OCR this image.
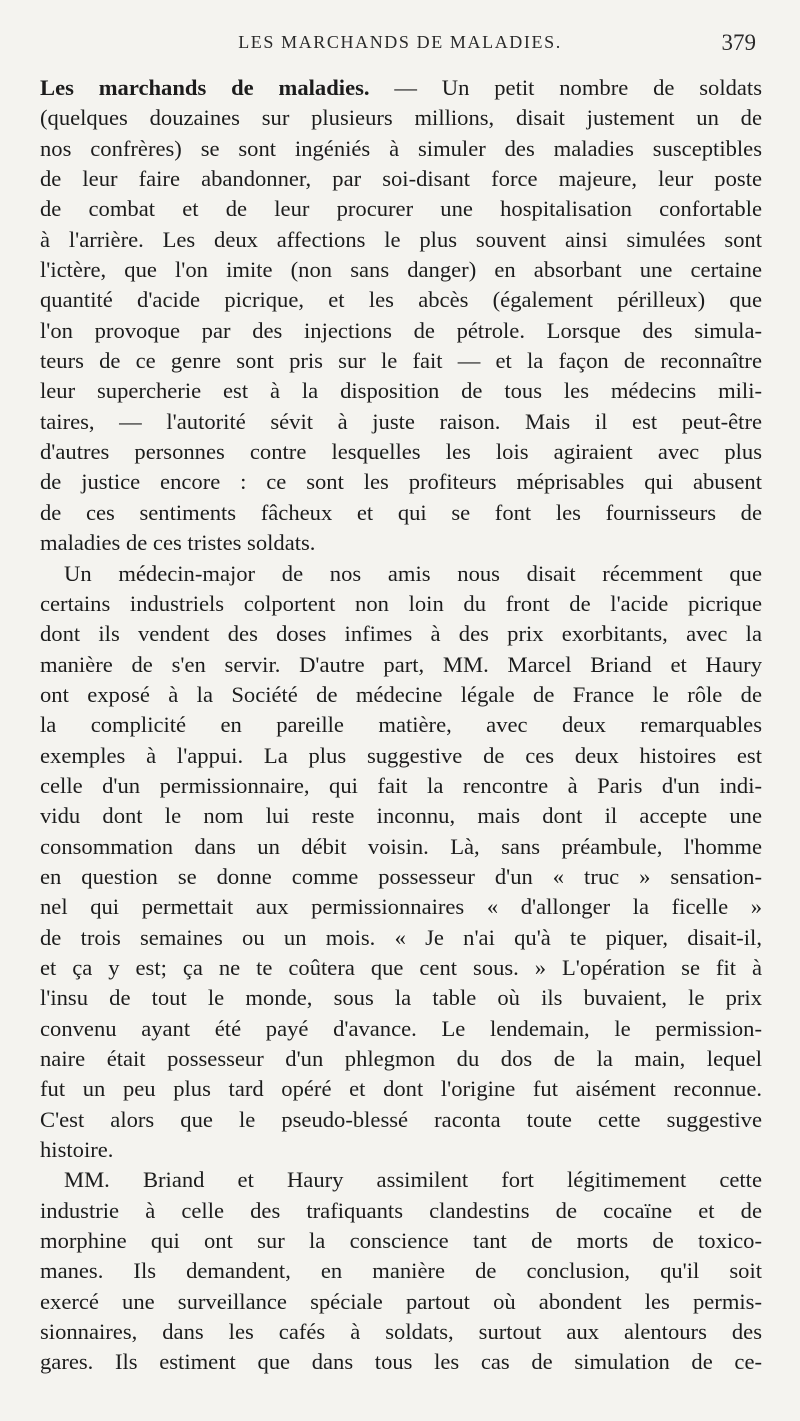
LES MARCHANDS DE MALADIES.	379
Les marchands de maladies. — Un petit nombre de soldats
(quelques douzaines sur plusieurs millions, disait justement un de
nos confrères) se sont ingéniés à simuler des maladies susceptibles
de leur faire abandonner, par soi-disant force majeure, leur poste
de combat et de leur procurer une hospitalisation confortable
à l'arrière. Les deux affections le plus souvent ainsi simulées sont
l'ictère, que l'on imite (non sans danger) en absorbant une certaine
quantité d'acide picrique, et les abcès (également périlleux) que
l'on provoque par des injections de pétrole. Lorsque des simula-
teurs de ce genre sont pris sur le fait — et la façon de reconnaître
leur supercherie est à la disposition de tous les médecins mili-
taires, — l'autorité sévit à juste raison. Mais il est peut-être
d'autres personnes contre lesquelles les lois agiraient avec plus
de justice encore : ce sont les profiteurs méprisables qui abusent
de ces sentiments fâcheux et qui se font les fournisseurs de
maladies de ces tristes soldats.
Un médecin-major de nos amis nous disait récemment que
certains industriels colportent non loin du front de l'acide picrique
dont ils vendent des doses infimes à des prix exorbitants, avec la
manière de s'en servir. D'autre part, MM. Marcel Briand et Haury
ont exposé à la Société de médecine légale de France le rôle de
la complicité en pareille matière, avec deux remarquables
exemples à l'appui. La plus suggestive de ces deux histoires est
celle d'un permissionnaire, qui fait la rencontre à Paris d'un indi-
vidu dont le nom lui reste inconnu, mais dont il accepte une
consommation dans un débit voisin. Là, sans préambule, l'homme
en question se donne comme possesseur d'un « truc » sensation-
nel qui permettait aux permissionnaires « d'allonger la ficelle »
de trois semaines ou un mois. « Je n'ai qu'à te piquer, disait-il,
et ça y est; ça ne te coûtera que cent sous. » L'opération se fit à
l'insu de tout le monde, sous la table où ils buvaient, le prix
convenu ayant été payé d'avance. Le lendemain, le permission-
naire était possesseur d'un phlegmon du dos de la main, lequel
fut un peu plus tard opéré et dont l'origine fut aisément reconnue.
C'est alors que le pseudo-blessé raconta toute cette suggestive
histoire.
MM. Briand et Haury assimilent fort légitimement cette
industrie à celle des trafiquants clandestins de cocaïne et de
morphine qui ont sur la conscience tant de morts de toxico-
manes. Ils demandent, en manière de conclusion, qu'il soit
exercé une surveillance spéciale partout où abondent les permis-
sionnaires, dans les cafés à soldats, surtout aux alentours des
gares. Ils estiment que dans tous les cas de simulation de ce-
